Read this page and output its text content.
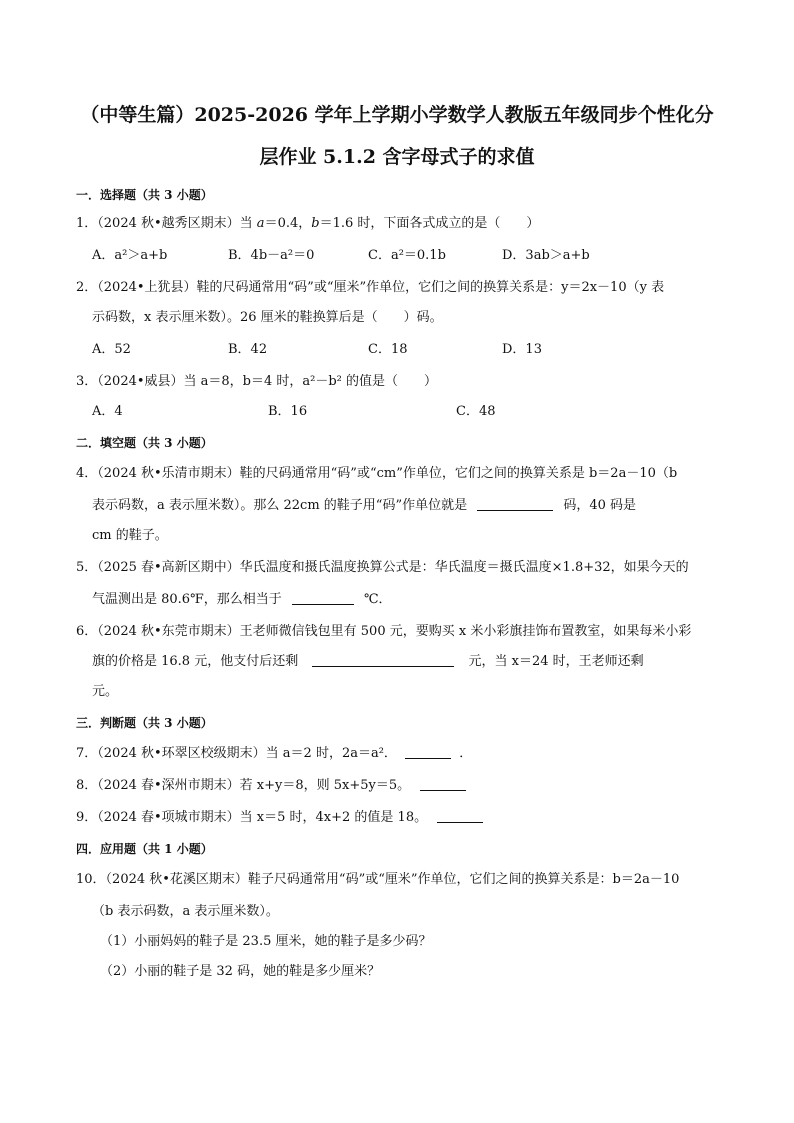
（中等生篇）2025-2026 学年上学期小学数学人教版五年级同步个性化分
层作业 5.1.2 含字母式子的求值
一．选择题（共 3 小题）
1．（2024 秋•越秀区期末）当 a＝0.4，b＝1.6 时，下面各式成立的是（　　）
A．a²＞a+b	B．4b－a²＝0	C．a²＝0.1b	D．3ab＞a+b
2．（2024•上犹县）鞋的尺码通常用“码”或“厘米”作单位，它们之间的换算关系是：y＝2x－10（y 表
示码数，x 表示厘米数）。26 厘米的鞋换算后是（　　）码。
A．52	B．42	C．18	D．13
3．（2024•威县）当 a＝8，b＝4 时，a²－b² 的值是（　　）
A．4	B．16	C．48
二．填空题（共 3 小题）
4．（2024 秋•乐清市期末）鞋的尺码通常用“码”或“cm”作单位，它们之间的换算关系是 b＝2a－10（b
表示码数，a 表示厘米数）。那么 22cm 的鞋子用“码”作单位就是	码，40 码是
cm 的鞋子。
5．（2025 春•高新区期中）华氏温度和摄氏温度换算公式是：华氏温度＝摄氏温度×1.8+32，如果今天的
气温测出是 80.6℉，那么相当于	℃．
6．（2024 秋•东莞市期末）王老师微信钱包里有 500 元，要购买 x 米小彩旗挂饰布置教室，如果每米小彩
旗的价格是 16.8 元，他支付后还剩	元，当 x＝24 时，王老师还剩
元。
三．判断题（共 3 小题）
7．（2024 秋•环翠区校级期末）当 a＝2 时，2a＝a²．	．
8．（2024 春•深州市期末）若 x+y＝8，则 5x+5y＝5。
9．（2024 春•项城市期末）当 x＝5 时，4x+2 的值是 18。
四．应用题（共 1 小题）
10．（2024 秋•花溪区期末）鞋子尺码通常用“码”或“厘米”作单位，它们之间的换算关系是：b＝2a－10
（b 表示码数，a 表示厘米数）。
（1）小丽妈妈的鞋子是 23.5 厘米，她的鞋子是多少码？
（2）小丽的鞋子是 32 码，她的鞋是多少厘米？
